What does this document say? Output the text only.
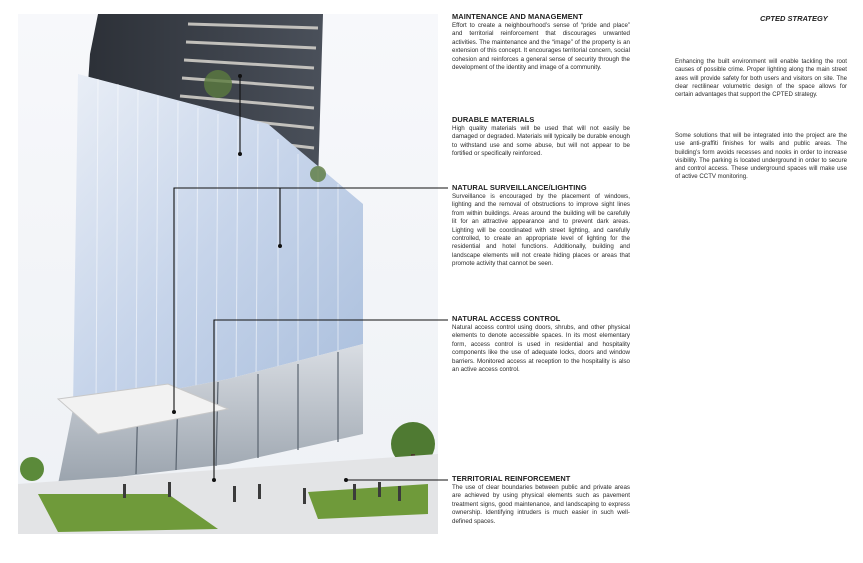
MAINTENANCE AND MANAGEMENT

Effort to create a neighbourhood’s sense of “pride and place” and territorial reinforcement that discourages unwanted activities. The maintenance and the “image” of the property is an extension of this concept. It encourages territorial concern, social cohesion and reinforces a general sense of security through the development of the identity and image of a community.

DURABLE MATERIALS

High quality materials will be used that will not easily be damaged or degraded. Materials will typically be durable enough to withstand use and some abuse, but will not appear to be fortified or specifically reinforced.

NATURAL SURVEILLANCE/LIGHTING

Surveillance is encouraged by the placement of windows, lighting and the removal of obstructions to improve sight lines from within buildings. Areas around the building will be carefully lit for an attractive appearance and to prevent dark areas. Lighting will be coordinated with street lighting, and carefully controlled, to create an appropriate level of lighting for the residential and hotel functions. Additionally, building and landscape elements will not create hiding places or areas that promote activity that cannot be seen.

NATURAL ACCESS CONTROL

Natural access control using doors, shrubs, and other physical elements to denote accessible spaces. In its most elementary form, access control is used in residential and hospitality components like the use of adequate locks, doors and window barriers. Monitored access at reception to the hospitality is also an active access control.

TERRITORIAL REINFORCEMENT

The use of clear boundaries between public and private areas are achieved by using physical elements such as pavement treatment signs, good maintenance, and landscaping to express ownership. Identifying intruders is much easier in such well-defined spaces.

CPTED STRATEGY

Enhancing the built environment will enable tackling the root causes of possible crime. Proper lighting along the main street axes will provide safety for both users and visitors on site. The clear rectilinear volumetric design of the space allows for certain advantages that support the CPTED strategy.

Some solutions that will be integrated into the project are the use anti-graffiti finishes for walls and public areas. The building’s form avoids recesses and nooks in order to increase visibility. The parking is located underground in order to secure and control access. These underground spaces will make use of active CCTV monitoring.
